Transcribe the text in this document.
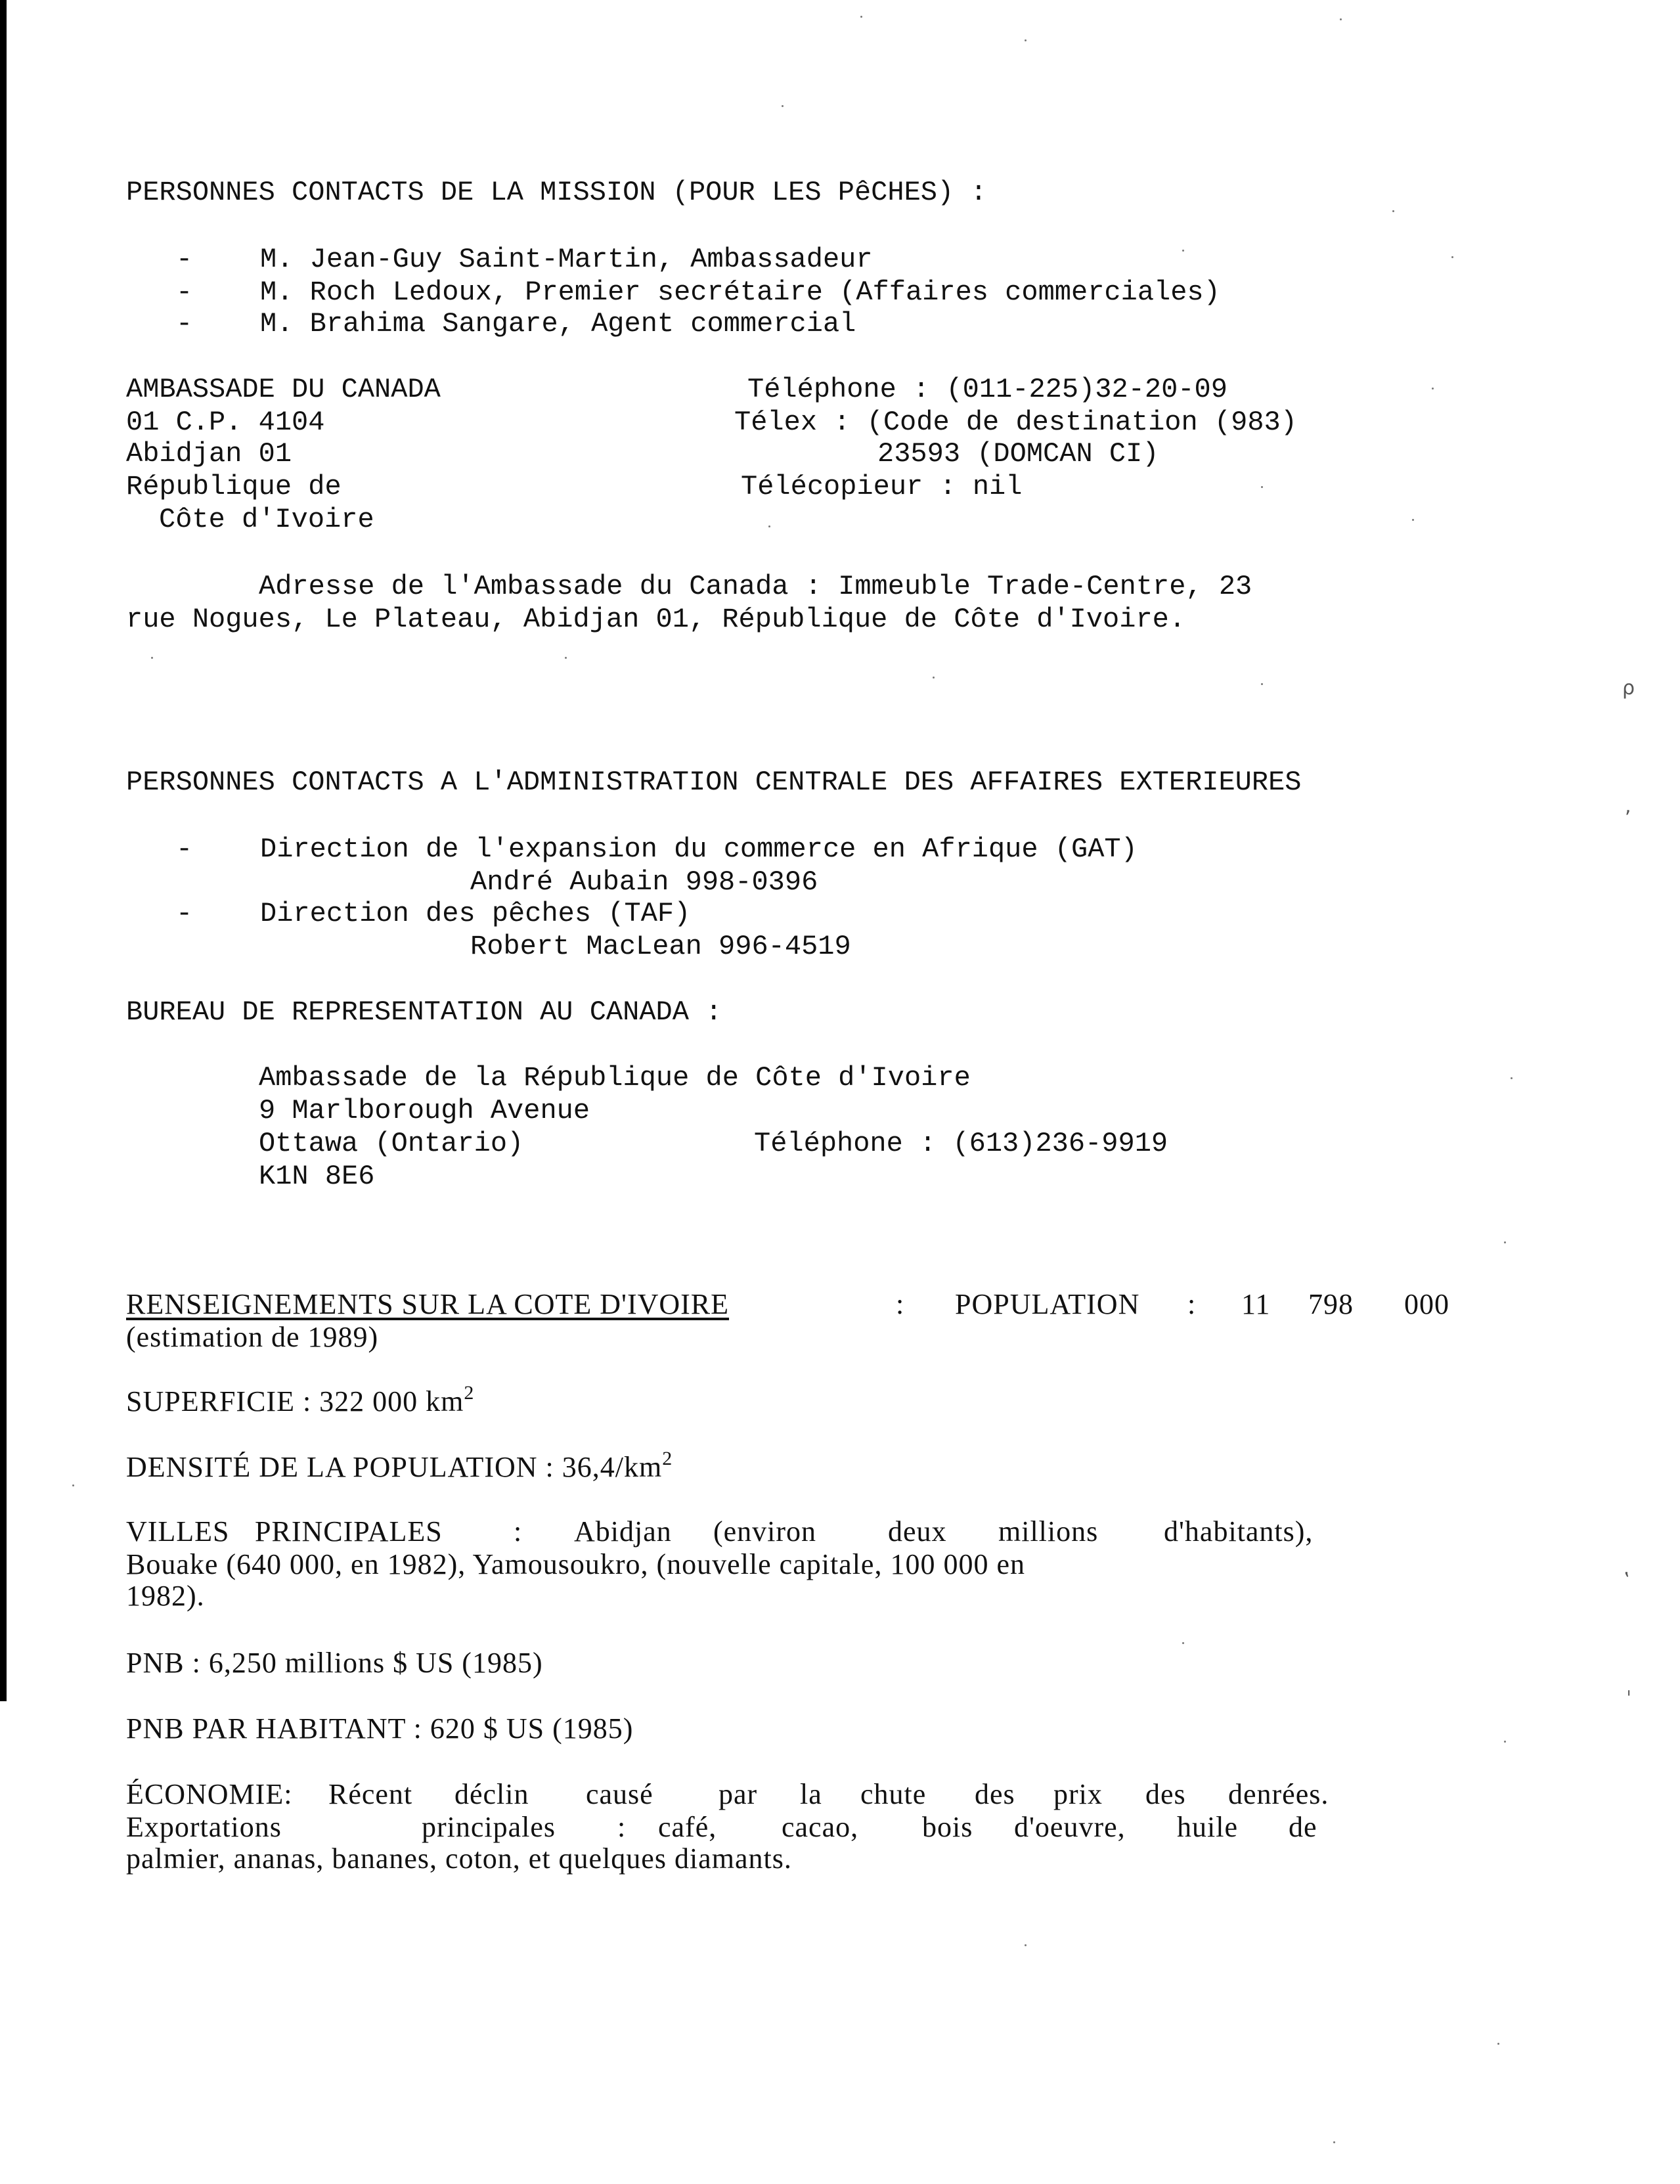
PERSONNES CONTACTS DE LA MISSION (POUR LES PêCHES) :
- M. Jean-Guy Saint-Martin, Ambassadeur
- M. Roch Ledoux, Premier secrétaire (Affaires commerciales)
- M. Brahima Sangare, Agent commercial
AMBASSADE DU CANADA
01 C.P. 4104
Abidjan 01
République de
Côte d'Ivoire
Téléphone : (011-225)32-20-09
Télex : (Code de destination (983)
23593 (DOMCAN CI)
Télécopieur : nil
Adresse de l'Ambassade du Canada : Immeuble Trade-Centre, 23
rue Nogues, Le Plateau, Abidjan 01, République de Côte d'Ivoire.
PERSONNES CONTACTS A L'ADMINISTRATION CENTRALE DES AFFAIRES EXTERIEURES
- Direction de l'expansion du commerce en Afrique (GAT)
André Aubain 998-0396
- Direction des pêches (TAF)
Robert MacLean 996-4519
BUREAU DE REPRESENTATION AU CANADA :
Ambassade de la République de Côte d'Ivoire
9 Marlborough Avenue
Ottawa (Ontario)	Téléphone : (613)236-9919
K1N 8E6
RENSEIGNEMENTS SUR LA COTE D'IVOIRE	: POPULATION : 11 798 000
(estimation de 1989)
SUPERFICIE : 322 000 $km^2$
DENSITÉ DE LA POPULATION : $36,4/km^2$
VILLES PRINCIPALES : Abidjan (environ deux millions d'habitants),
Bouake (640 000, en 1982), Yamousoukro, (nouvelle capitale, 100 000 en
1982).
PNB : 6,250 millions $ US (1985)
PNB PAR HABITANT : 620 $ US (1985)
ÉCONOMIE: Récent déclin causé par la chute des prix des denrées.
Exportations	principales : café, cacao, bois d'oeuvre, huile de
palmier, ananas, bananes, coton, et quelques diamants.
ρ
,
ʽ
ˌ
